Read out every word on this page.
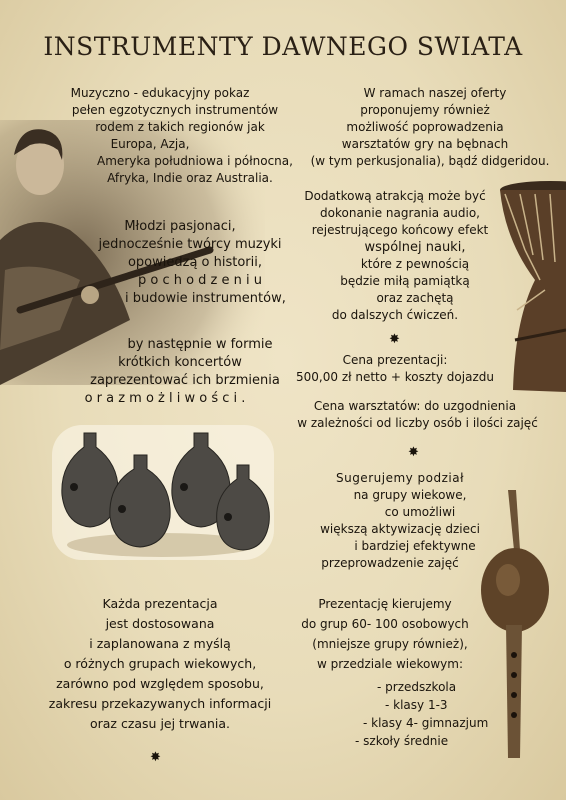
INSTRUMENTY DAWNEGO SWIATA
Muzyczno - edukacyjny pokaz
pełen egzotycznych instrumentów
rodem z takich regionów jak
Europa, Azja,
Ameryka południowa i północna,
Afryka, Indie oraz Australia.
Młodzi pasjonaci,
jednocześnie twórcy muzyki
opowiedzą o historii,
p o c h o d z e n i u
i budowie instrumentów,
by następnie w formie
krótkich koncertów
zaprezentować ich brzmienia
o r a z m o ż l i w o ś c i .
W ramach naszej oferty
proponujemy również
możliwość poprowadzenia
warsztatów gry na bębnach
(w tym perkusjonalia), bądź didgeridou.
Dodatkową atrakcją może być
dokonanie nagrania audio,
rejestrującego końcowy efekt
wspólnej nauki,
które z pewnością
będzie miłą pamiątką
oraz zachętą
do dalszych ćwiczeń.
✸
Cena prezentacji:
500,00 zł netto + koszty dojazdu
Cena warsztatów: do uzgodnienia
w zależności od liczby osób i ilości zajęć
✸
Sugerujemy podział
na grupy wiekowe,
co umożliwi
większą aktywizację dzieci
i bardziej efektywne
przeprowadzenie zajęć
Każda prezentacja
jest dostosowana
i zaplanowana z myślą
o różnych grupach wiekowych,
zarówno pod względem sposobu,
zakresu przekazywanych informacji
oraz czasu jej trwania.
✸
Prezentację kierujemy
do grup 60- 100 osobowych
(mniejsze grupy również),
w przedziale wiekowym:
- przedszkola
- klasy 1-3
- klasy 4- gimnazjum
- szkoły średnie
